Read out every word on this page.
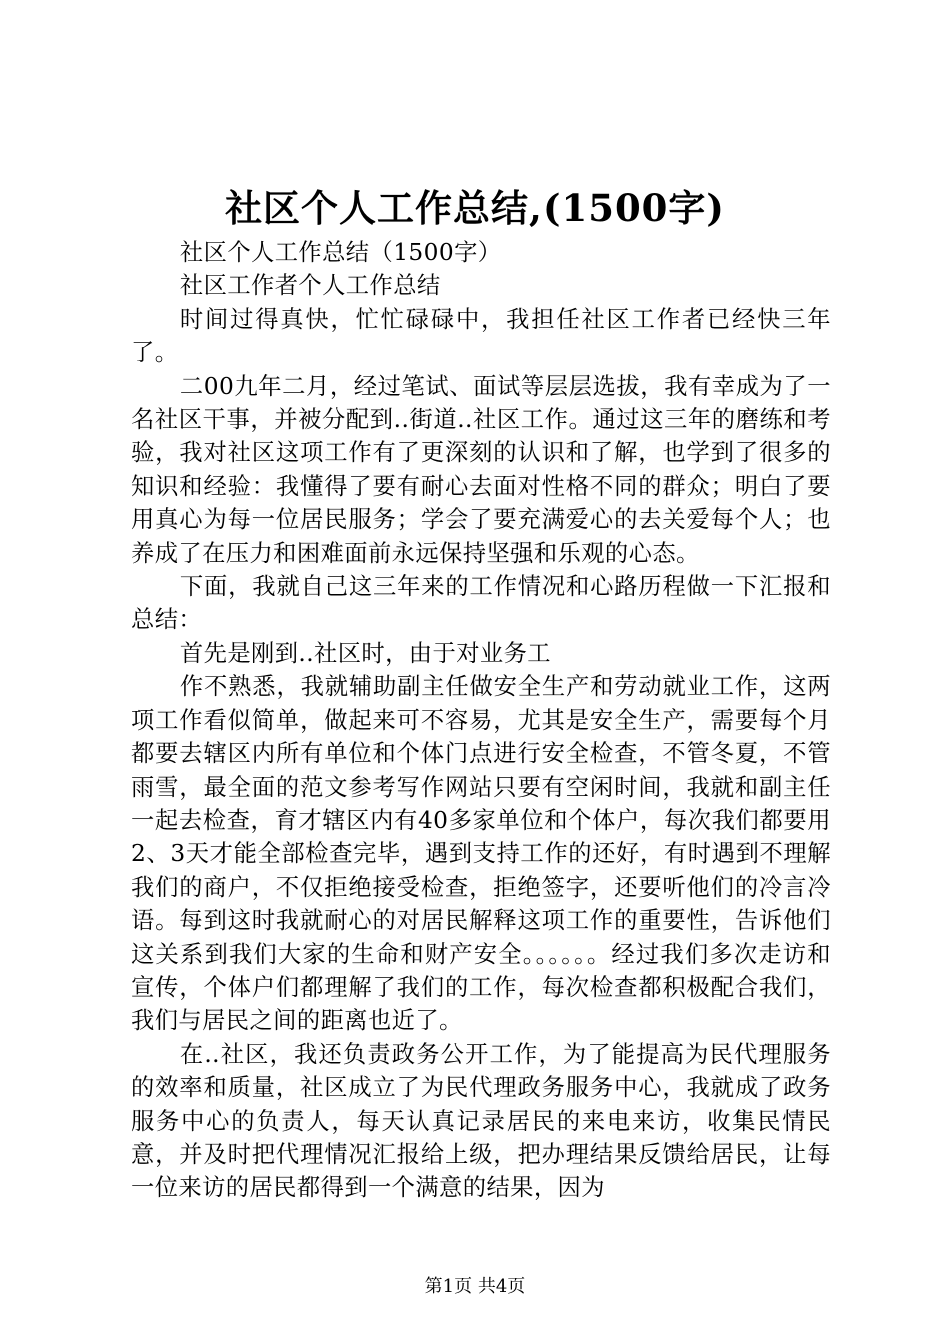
社区个人工作总结,(1500字)

社区个人工作总结（1500字）

社区工作者个人工作总结

时间过得真快，忙忙碌碌中，我担任社区工作者已经快三年了。

二00九年二月，经过笔试、面试等层层选拔，我有幸成为了一名社区干事，并被分配到..街道..社区工作。通过这三年的磨练和考验，我对社区这项工作有了更深刻的认识和了解，也学到了很多的知识和经验：我懂得了要有耐心去面对性格不同的群众；明白了要用真心为每一位居民服务；学会了要充满爱心的去关爱每个人；也养成了在压力和困难面前永远保持坚强和乐观的心态。

下面，我就自己这三年来的工作情况和心路历程做一下汇报和总结：

首先是刚到..社区时，由于对业务工

作不熟悉，我就辅助副主任做安全生产和劳动就业工作，这两项工作看似简单，做起来可不容易，尤其是安全生产，需要每个月都要去辖区内所有单位和个体门点进行安全检查，不管冬夏，不管雨雪，最全面的范文参考写作网站只要有空闲时间，我就和副主任一起去检查，育才辖区内有40多家单位和个体户，每次我们都要用2、3天才能全部检查完毕，遇到支持工作的还好，有时遇到不理解我们的商户，不仅拒绝接受检查，拒绝签字，还要听他们的冷言冷语。每到这时我就耐心的对居民解释这项工作的重要性，告诉他们这关系到我们大家的生命和财产安全。。。。。。经过我们多次走访和宣传，个体户们都理解了我们的工作，每次检查都积极配合我们，我们与居民之间的距离也近了。

在..社区，我还负责政务公开工作，为了能提高为民代理服务的效率和质量，社区成立了为民代理政务服务中心，我就成了政务服务中心的负责人，每天认真记录居民的来电来访，收集民情民意，并及时把代理情况汇报给上级，把办理结果反馈给居民，让每一位来访的居民都得到一个满意的结果，因为

第1页 共4页
